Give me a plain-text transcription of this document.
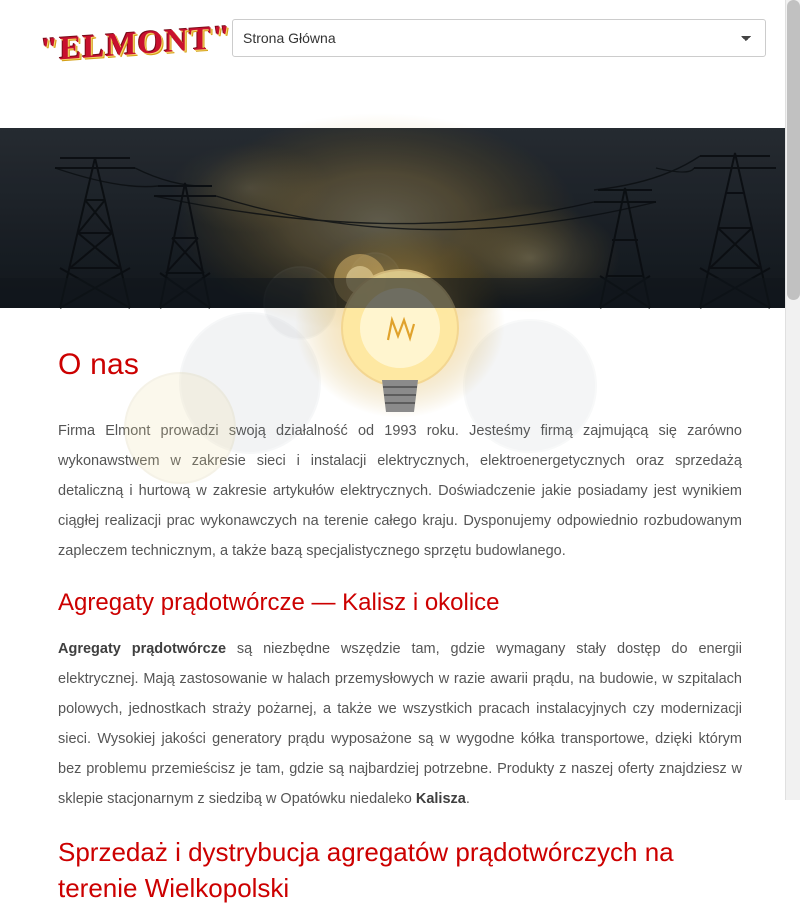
"ELMONT"
Strona Główna
O nas

Firma Elmont prowadzi swoją działalność od 1993 roku. Jesteśmy firmą zajmującą się zarówno wykonawstwem w zakresie sieci i instalacji elektrycznych, elektroenergetycznych oraz sprzedażą detaliczną i hurtową w zakresie artykułów elektrycznych. Doświadczenie jakie posiadamy jest wynikiem ciągłej realizacji prac wykonawczych na terenie całego kraju. Dysponujemy odpowiednio rozbudowanym zapleczem technicznym, a także bazą specjalistycznego sprzętu budowlanego.

Agregaty prądotwórcze — Kalisz i okolice

Agregaty prądotwórcze są niezbędne wszędzie tam, gdzie wymagany stały dostęp do energii elektrycznej. Mają zastosowanie w halach przemysłowych w razie awarii prądu, na budowie, w szpitalach polowych, jednostkach straży pożarnej, a także we wszystkich pracach instalacyjnych czy modernizacji sieci. Wysokiej jakości generatory prądu wyposażone są w wygodne kółka transportowe, dzięki którym bez problemu przemieścisz je tam, gdzie są najbardziej potrzebne. Produkty z naszej oferty znajdziesz w sklepie stacjonarnym z siedzibą w Opatówku niedaleko Kalisza.

Sprzedaż i dystrybucja agregatów prądotwórczych na terenie Wielkopolski
